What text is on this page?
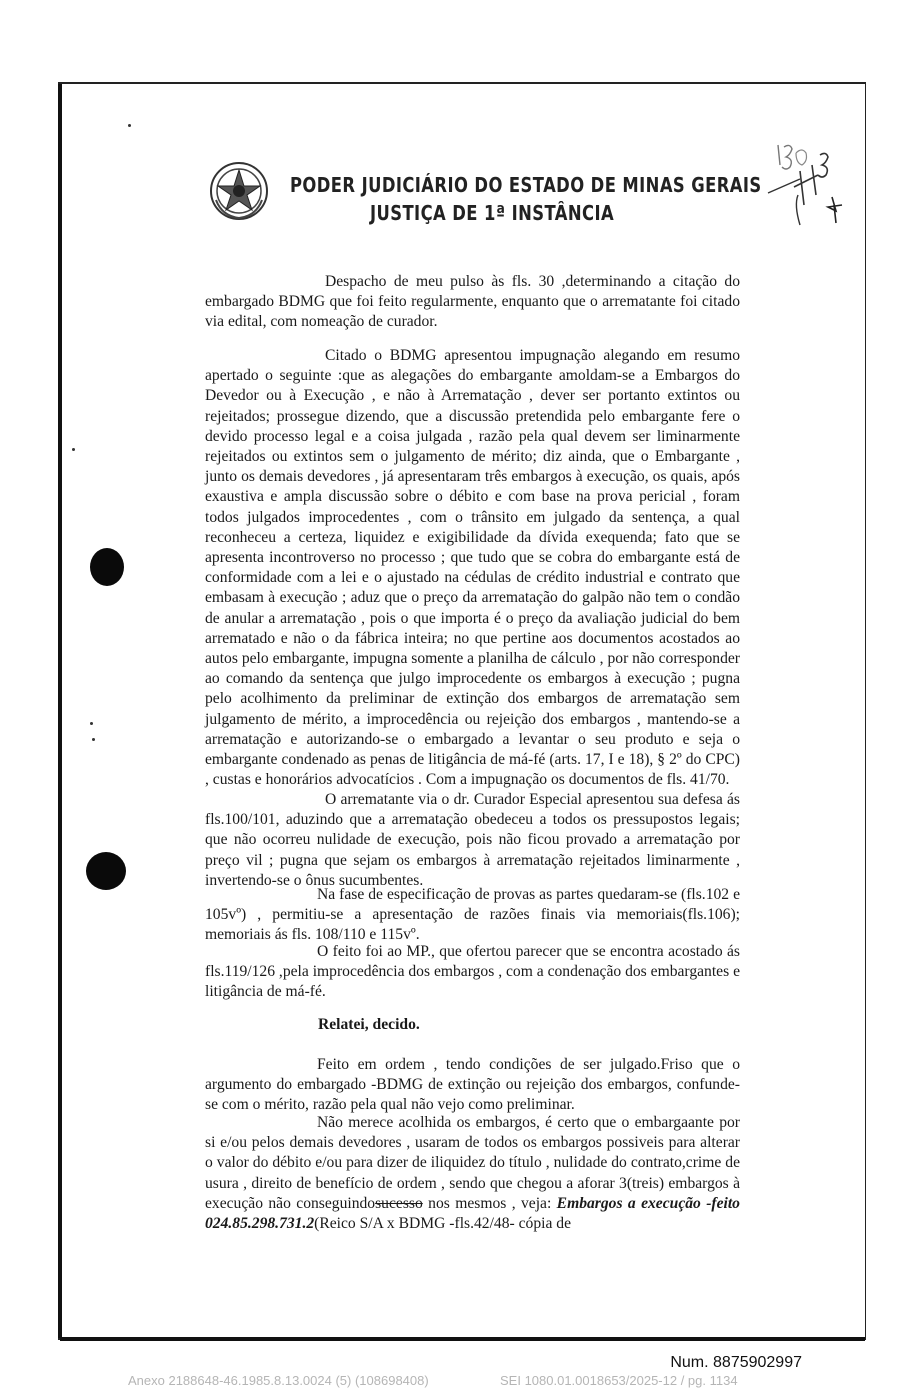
PODER JUDICIÁRIO DO ESTADO DE MINAS GERAIS
JUSTIÇA DE 1ª INSTÂNCIA

Despacho de meu pulso às fls. 30 ,determinando a citação do embargado BDMG que foi feito regularmente, enquanto que o arrematante foi citado via edital, com nomeação de curador.

Citado o BDMG apresentou impugnação alegando em resumo apertado o seguinte :que as alegações do embargante amoldam-se a Embargos do Devedor ou à Execução , e não à Arrematação , dever ser portanto extintos ou rejeitados; prossegue dizendo, que a discussão pretendida pelo embargante fere o devido processo legal e a coisa julgada , razão pela qual devem ser liminarmente rejeitados ou extintos sem o julgamento de mérito; diz ainda, que o Embargante , junto os demais devedores , já apresentaram três embargos à execução, os quais, após exaustiva e ampla discussão sobre o débito e com base na prova pericial , foram todos julgados improcedentes , com o trânsito em julgado da sentença, a qual reconheceu a certeza, liquidez e exigibilidade da dívida exequenda; fato que se apresenta incontroverso no processo ; que tudo que se cobra do embargante está de conformidade com a lei e o ajustado na cédulas de crédito industrial e contrato que embasam à execução ; aduz que o preço da arrematação do galpão não tem o condão de anular a arrematação , pois o que importa é o preço da avaliação judicial do bem arrematado e não o da fábrica inteira; no que pertine aos documentos acostados ao autos pelo embargante, impugna somente a planilha de cálculo , por não corresponder ao comando da sentença que julgo improcedente os embargos à execução ; pugna pelo acolhimento da preliminar de extinção dos embargos de arrematação sem julgamento de mérito, a improcedência ou rejeição dos embargos , mantendo-se a arrematação e autorizando-se o embargado a levantar o seu produto e seja o embargante condenado as penas de litigância de má-fé (arts. 17, I e 18), § 2º do CPC) , custas e honorários advocatícios . Com a impugnação os documentos de fls. 41/70.

O arrematante via o dr. Curador Especial apresentou sua defesa ás fls.100/101, aduzindo que a arrematação obedeceu a todos os pressupostos legais; que não ocorreu nulidade de execução, pois não ficou provado a arrematação por preço vil ; pugna que sejam os embargos à arrematação rejeitados liminarmente , invertendo-se o ônus sucumbentes.

Na fase de especificação de provas as partes quedaram-se (fls.102 e 105vº) , permitiu-se a apresentação de razões finais via memoriais(fls.106); memoriais ás fls. 108/110 e 115vº.

O feito foi ao MP., que ofertou parecer que se encontra acostado ás fls.119/126 ,pela improcedência dos embargos , com a condenação dos embargantes e litigância de má-fé.

Relatei, decido.

Feito em ordem , tendo condições de ser julgado.Friso que o argumento do embargado -BDMG de extinção ou rejeição dos embargos, confunde-se com o mérito, razão pela qual não vejo como preliminar.

Não merece acolhida os embargos, é certo que o embargaante por si e/ou pelos demais devedores , usaram de todos os embargos possiveis para alterar o valor do débito e/ou para dizer de iliquidez do título , nulidade do contrato,crime de usura , direito de benefício de ordem , sendo que chegou a aforar 3(treis) embargos à execução não conseguindosucesso nos mesmos , veja: Embargos a execução -feito 024.85.298.731.2(Reico S/A x BDMG -fls.42/48- cópia de

Num. 8875902997
Anexo 2188648-46.1985.8.13.0024 (5) (108698408)	SEI 1080.01.0018653/2025-12 / pg. 1134
